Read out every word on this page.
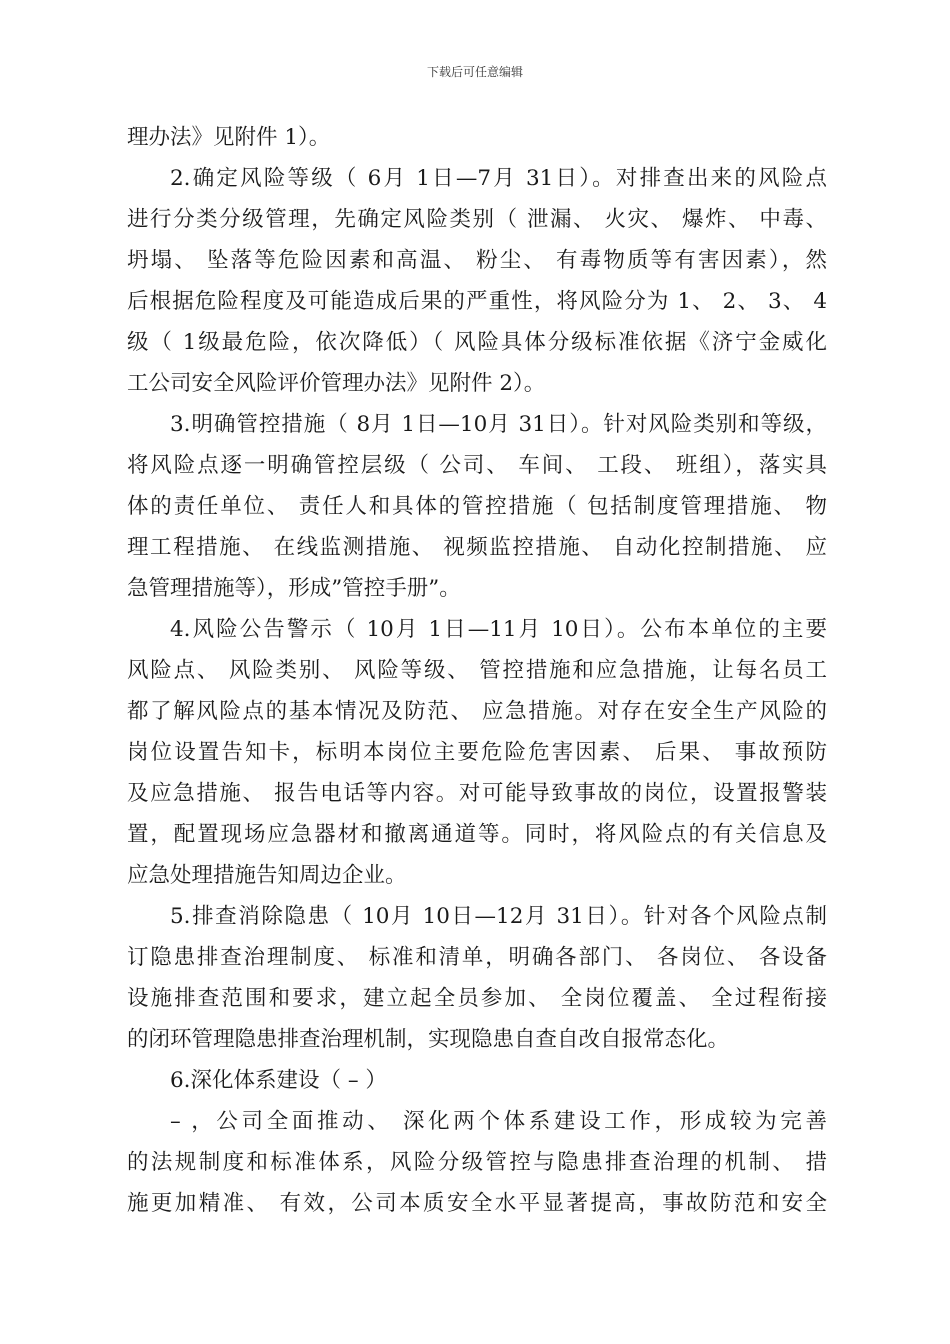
下载后可任意编辑
理办法》见附件 1）。
2.确定风险等级（ 6月 1日—7月 31日）。对排查出来的风险点
进行分类分级管理，先确定风险类别（ 泄漏、 火灾、 爆炸、 中毒、
坍塌、 坠落等危险因素和高温、 粉尘、 有毒物质等有害因素），然
后根据危险程度及可能造成后果的严重性，将风险分为 1、 2、 3、 4
级（ 1级最危险，依次降低）（ 风险具体分级标准依据《济宁金威化
工公司安全风险评价管理办法》见附件 2）。
3.明确管控措施（ 8月 1日—10月 31日）。针对风险类别和等级，
将风险点逐一明确管控层级（ 公司、 车间、 工段、 班组），落实具
体的责任单位、 责任人和具体的管控措施（ 包括制度管理措施、 物
理工程措施、 在线监测措施、 视频监控措施、 自动化控制措施、 应
急管理措施等），形成”管控手册”。
4.风险公告警示（ 10月 1日—11月 10日）。公布本单位的主要
风险点、 风险类别、 风险等级、 管控措施和应急措施，让每名员工
都了解风险点的基本情况及防范、 应急措施。对存在安全生产风险的
岗位设置告知卡，标明本岗位主要危险危害因素、 后果、 事故预防
及应急措施、 报告电话等内容。对可能导致事故的岗位，设置报警装
置，配置现场应急器材和撤离通道等。同时，将风险点的有关信息及
应急处理措施告知周边企业。
5.排查消除隐患（ 10月 10日—12月 31日）。针对各个风险点制
订隐患排查治理制度、 标准和清单，明确各部门、 各岗位、 各设备
设施排查范围和要求，建立起全员参加、 全岗位覆盖、 全过程衔接
的闭环管理隐患排查治理机制，实现隐患自查自改自报常态化。
6.深化体系建设（ – ）
– ，公司全面推动、 深化两个体系建设工作，形成较为完善
的法规制度和标准体系，风险分级管控与隐患排查治理的机制、 措
施更加精准、 有效，公司本质安全水平显著提高，事故防范和安全
